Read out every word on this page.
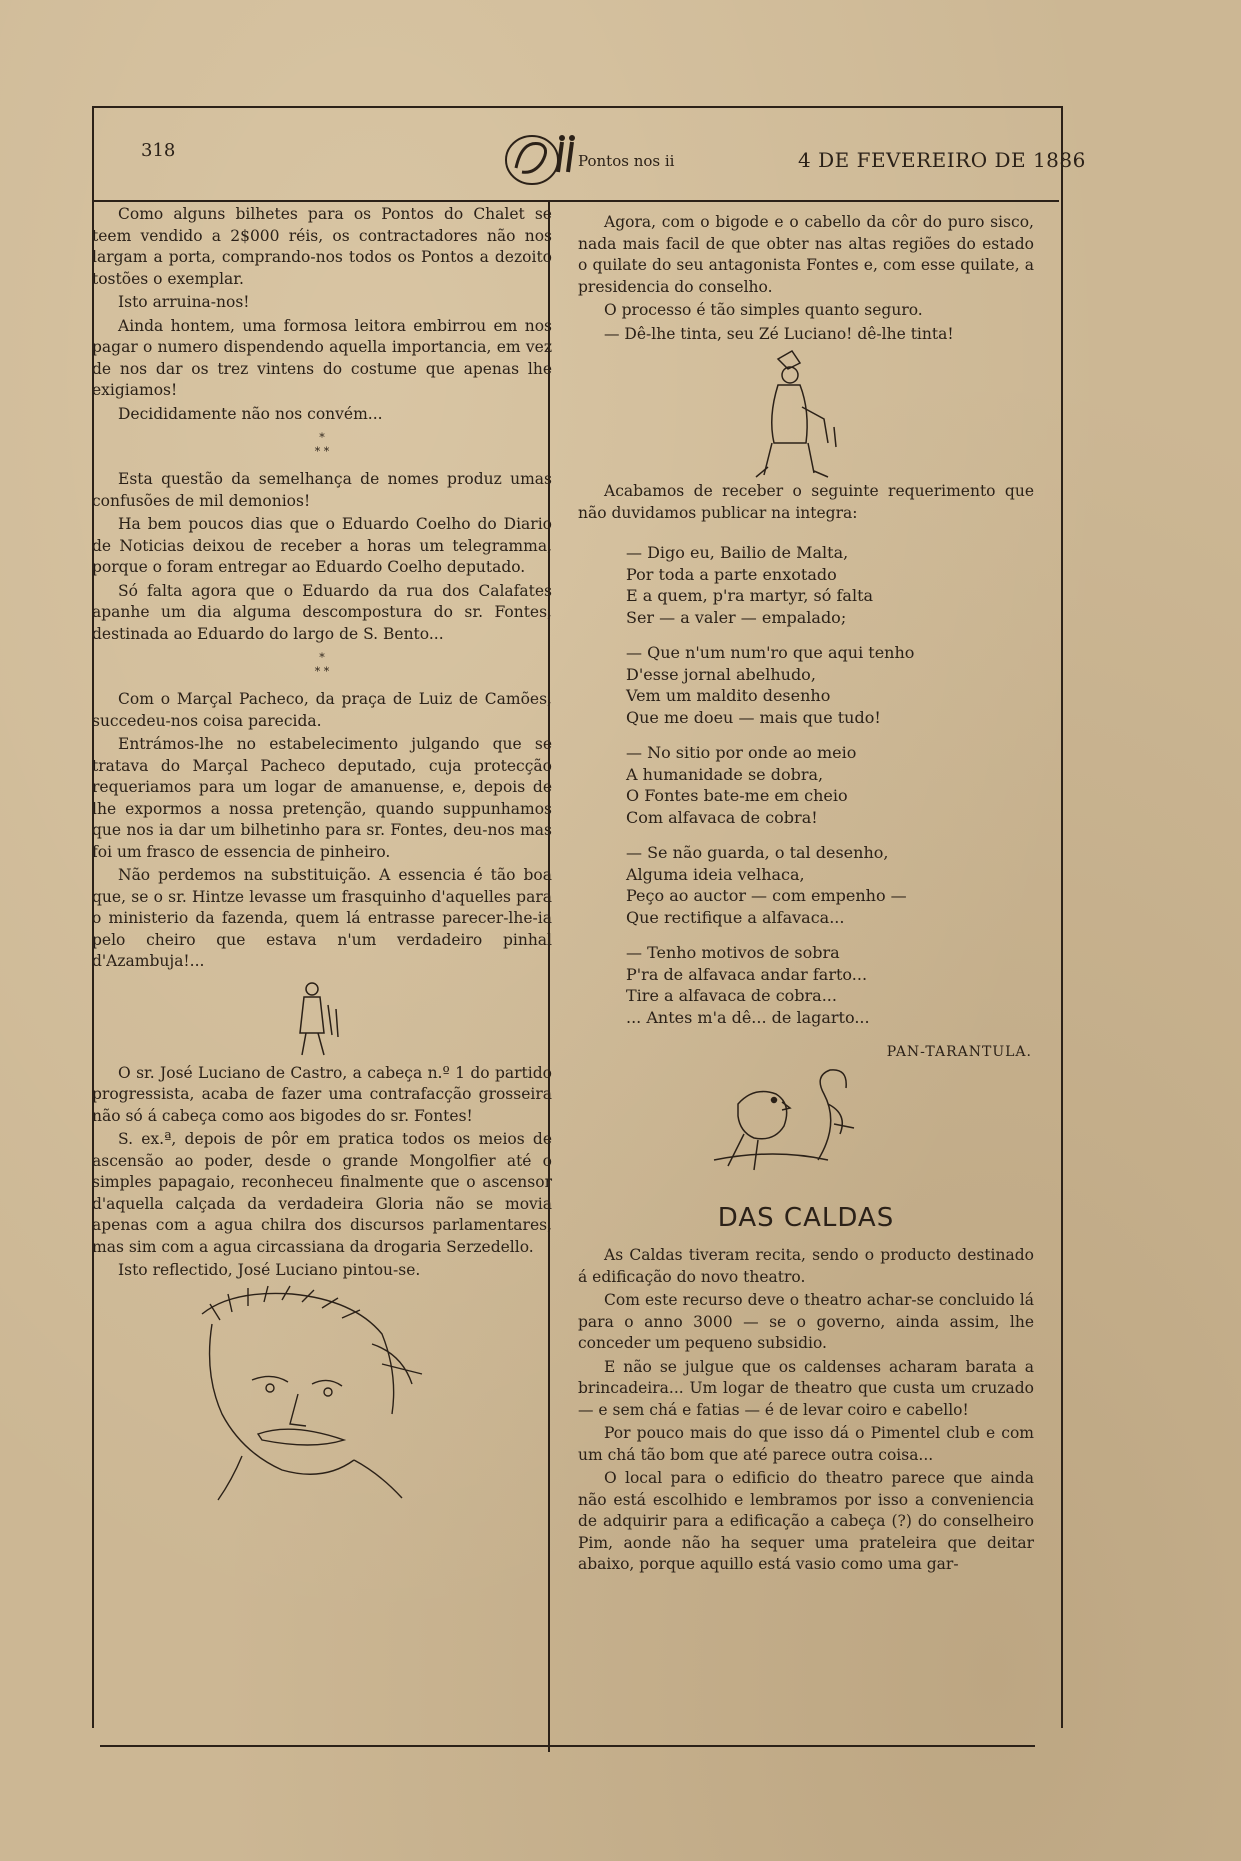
318	Pontos nos ii	4 DE FEVEREIRO DE 1886

Como alguns bilhetes para os Pontos do Chalet se teem vendido a 2$000 réis, os contractadores não nos largam a porta, comprando-nos todos os Pontos a dezoito tostões o exemplar.

Isto arruina-nos!

Ainda hontem, uma formosa leitora embirrou em nos pagar o numero dispendendo aquella importancia, em vez de nos dar os trez vintens do costume que apenas lhe exigiamos!

Decididamente não nos convém...

*
* *

Esta questão da semelhança de nomes produz umas confusões de mil demonios!

Ha bem poucos dias que o Eduardo Coelho do Diario de Noticias deixou de receber a horas um telegramma, porque o foram entregar ao Eduardo Coelho deputado.

Só falta agora que o Eduardo da rua dos Calafates apanhe um dia alguma descompostura do sr. Fontes, destinada ao Eduardo do largo de S. Bento...

*
* *

Com o Marçal Pacheco, da praça de Luiz de Camões, succedeu-nos coisa parecida.

Entrámos-lhe no estabelecimento julgando que se tratava do Marçal Pacheco deputado, cuja protecção requeriamos para um logar de amanuense, e, depois de lhe expormos a nossa pretenção, quando suppunhamos que nos ia dar um bilhetinho para sr. Fontes, deu-nos mas foi um frasco de essencia de pinheiro.

Não perdemos na substituição. A essencia é tão boa que, se o sr. Hintze levasse um frasquinho d'aquelles para o ministerio da fazenda, quem lá entrasse parecer-lhe-ia pelo cheiro que estava n'um verdadeiro pinhal d'Azambuja!...

O sr. José Luciano de Castro, a cabeça n.º 1 do partido progressista, acaba de fazer uma contrafacção grosseira não só á cabeça como aos bigodes do sr. Fontes!

S. ex.ª, depois de pôr em pratica todos os meios de ascensão ao poder, desde o grande Mongolfier até o simples papagaio, reconheceu finalmente que o ascensor d'aquella calçada da verdadeira Gloria não se movia apenas com a agua chilra dos discursos parlamentares, mas sim com a agua circassiana da drogaria Serzedello.

Isto reflectido, José Luciano pintou-se.

Agora, com o bigode e o cabello da côr do puro sisco, nada mais facil de que obter nas altas regiões do estado o quilate do seu antagonista Fontes e, com esse quilate, a presidencia do conselho.

O processo é tão simples quanto seguro.

— Dê-lhe tinta, seu Zé Luciano! dê-lhe tinta!

Acabamos de receber o seguinte requerimento que não duvidamos publicar na integra:

— Digo eu, Bailio de Malta,
Por toda a parte enxotado
E a quem, p'ra martyr, só falta
Ser — a valer — empalado;
— Que n'um num'ro que aqui tenho
D'esse jornal abelhudo,
Vem um maldito desenho
Que me doeu — mais que tudo!
— No sitio por onde ao meio
A humanidade se dobra,
O Fontes bate-me em cheio
Com alfavaca de cobra!
— Se não guarda, o tal desenho,
Alguma ideia velhaca,
Peço ao auctor — com empenho —
Que rectifique a alfavaca...
— Tenho motivos de sobra
P'ra de alfavaca andar farto...
Tire a alfavaca de cobra...
... Antes m'a dê... de lagarto...
PAN-TARANTULA.
DAS CALDAS

As Caldas tiveram recita, sendo o producto destinado á edificação do novo theatro.

Com este recurso deve o theatro achar-se concluido lá para o anno 3000 — se o governo, ainda assim, lhe conceder um pequeno subsidio.

E não se julgue que os caldenses acharam barata a brincadeira... Um logar de theatro que custa um cruzado — e sem chá e fatias — é de levar coiro e cabello!

Por pouco mais do que isso dá o Pimentel club e com um chá tão bom que até parece outra coisa...

O local para o edificio do theatro parece que ainda não está escolhido e lembramos por isso a conveniencia de adquirir para a edificação a cabeça (?) do conselheiro Pim, aonde não ha sequer uma prateleira que deitar abaixo, porque aquillo está vasio como uma gar-
